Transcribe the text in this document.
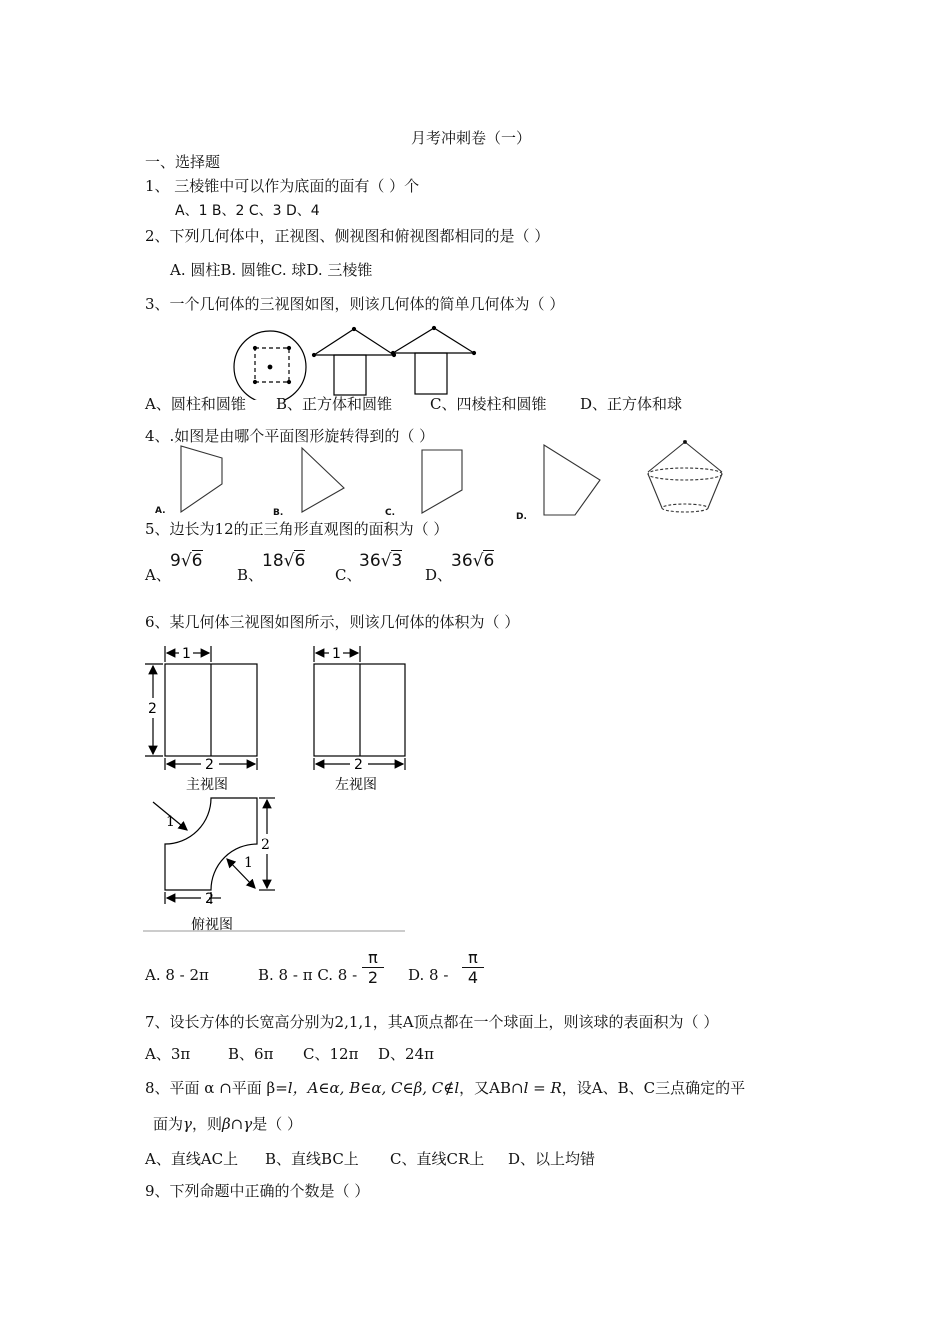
月考冲刺卷（一）
一、选择题
1、 三棱锥中可以作为底面的面有（ ）个
A、1 B、2 C、3 D、4
2、下列几何体中，正视图、侧视图和俯视图都相同的是（ ）
A. 圆柱B. 圆锥C. 球D. 三棱锥
3、一个几何体的三视图如图，则该几何体的简单几何体为（ ）
A、圆柱和圆锥 B、正方体和圆锥	C、四棱柱和圆锥 D、正方体和球
4、.如图是由哪个平面图形旋转得到的（ ）
A.	B.	C.	D.
5、边长为12的正三角形直观图的面积为（ ）
A、	B、	C、	D、
9√6	18√6	36√3	36√6
6、某几何体三视图如图所示，则该几何体的体积为（ ）
1
2
2
1
2
1
2
1
2
主视图	左视图
俯视图
A. 8 - 2π	B. 8 - π C. $8 - \frac{\pi}{2} D$. $8 - \frac{\pi}{4}$
7、设长方体的长宽高分别为2,1,1，其A顶点都在一个球面上，则该球的表面积为（ ）
A、3π	B、6π C、12π D、24π
8、平面 α ∩平面 β=l，A∈α, B∈α, C∈β, C∉l，又AB∩l = R，设A、B、C三点确定的平
面为γ，则β∩γ是（ ）
A、直线AC上 B、直线BC上 C、直线CR上 D、以上均错
9、下列命题中正确的个数是（ ）
